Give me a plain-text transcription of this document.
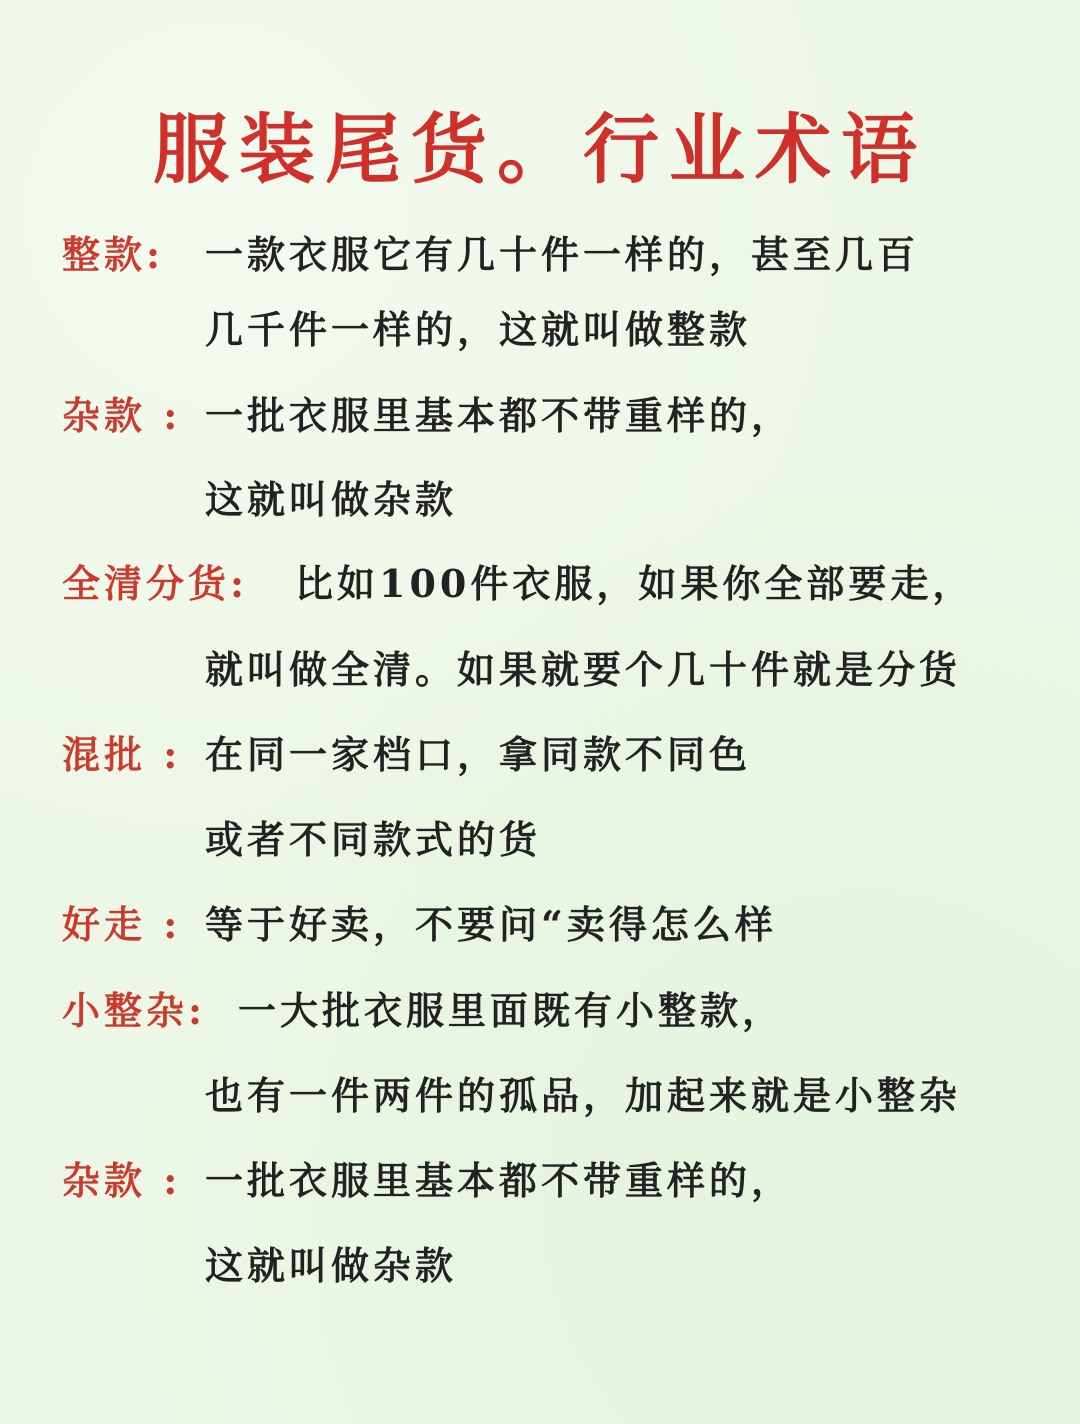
服装尾货。行业术语
整款: 一款衣服它有几十件一样的，甚至几百
几千件一样的，这就叫做整款
杂款 : 一批衣服里基本都不带重样的，
这就叫做杂款
全清分货: 比如100件衣服，如果你全部要走，
就叫做全清。如果就要个几十件就是分货
混批 : 在同一家档口，拿同款不同色
或者不同款式的货
好走 : 等于好卖，不要问“卖得怎么样
小整杂: 一大批衣服里面既有小整款，
也有一件两件的孤品，加起来就是小整杂
杂款 : 一批衣服里基本都不带重样的，
这就叫做杂款
